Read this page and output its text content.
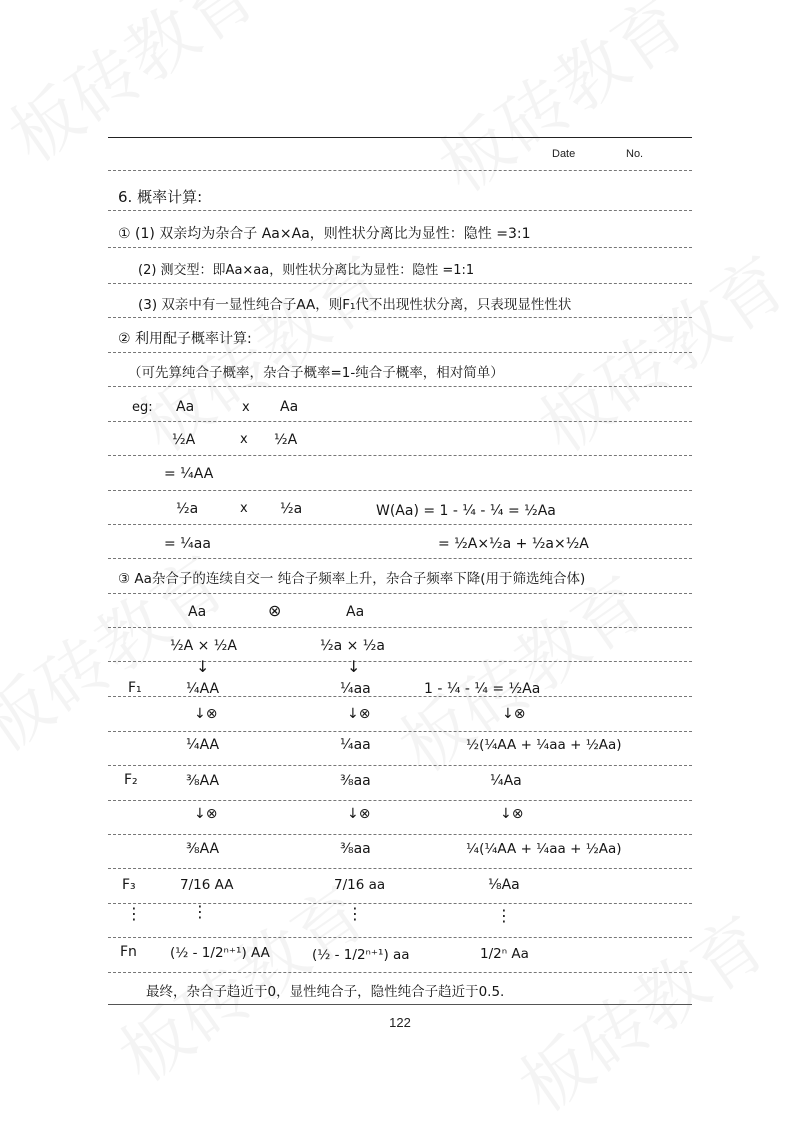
Date	No.
6. 概率计算:
① (1) 双亲均为杂合子 Aa×Aa，则性状分离比为显性：隐性 =3:1
(2) 测交型：即Aa×aa，则性状分离比为显性：隐性 =1:1
(3) 双亲中有一显性纯合子AA，则F₁代不出现性状分离，只表现显性性状
② 利用配子概率计算:
（可先算纯合子概率，杂合子概率=1-纯合子概率，相对简单）
eg: Aa	x Aa
½A	x ½A
= ¼AA
½a	x ½a	W(Aa) = 1 - ¼ - ¼ = ½Aa
= ¼aa	= ½A×½a + ½a×½A
③ Aa杂合子的连续自交一 纯合子频率上升，杂合子频率下降(用于筛选纯合体)
Aa	⊗	Aa
½A × ½A	½a × ½a
↓	↓
F₁	¼AA	¼aa	1 - ¼ - ¼ = ½Aa
↓⊗	↓⊗	↓⊗
¼AA	¼aa	½(¼AA + ¼aa + ½Aa)
F₂	⅜AA	⅜aa	¼Aa
↓⊗	↓⊗	↓⊗
⅜AA	⅜aa	¼(¼AA + ¼aa + ½Aa)
F₃	7/16 AA	7/16 aa	⅛Aa
⋮	⋮	⋮	⋮
Fn (½ - 1/2ⁿ⁺¹) AA	(½ - 1/2ⁿ⁺¹) aa	1/2ⁿ Aa
最终，杂合子趋近于0，显性纯合子，隐性纯合子趋近于0.5.
122
